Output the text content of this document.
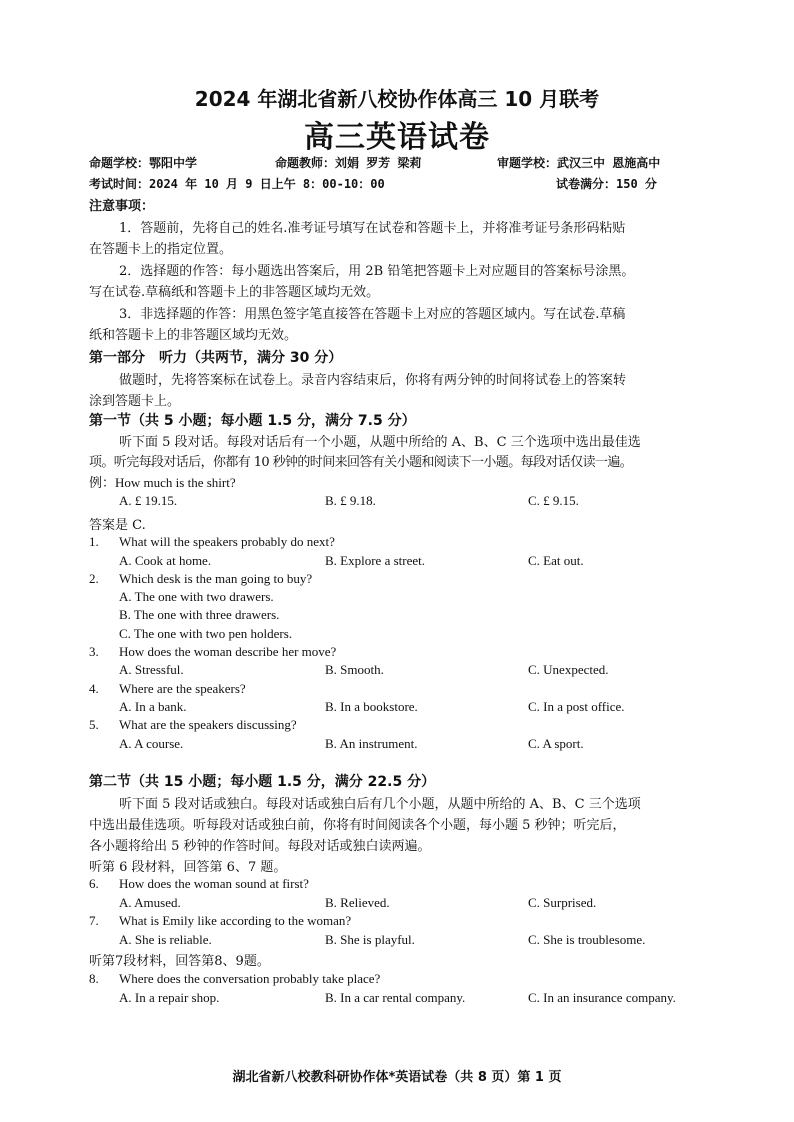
2024 年湖北省新八校协作体高三 10 月联考
高三英语试卷
命题学校：鄂阳中学	命题教师：刘娟 罗芳 梁莉	审题学校：武汉三中 恩施高中
考试时间：2024 年 10 月 9 日上午 8：00-10：00	试卷满分：150 分
注意事项：
1．答题前，先将自己的姓名.准考证号填写在试卷和答题卡上，并将准考证号条形码粘贴
在答题卡上的指定位置。
2．选择题的作答：每小题选出答案后，用 2B 铅笔把答题卡上对应题目的答案标号涂黑。
写在试卷.草稿纸和答题卡上的非答题区域均无效。
3．非选择题的作答：用黑色签字笔直接答在答题卡上对应的答题区域内。写在试卷.草稿
纸和答题卡上的非答题区域均无效。
第一部分　听力（共两节，满分 30 分）
做题时，先将答案标在试卷上。录音内容结束后，你将有两分钟的时间将试卷上的答案转
涂到答题卡上。
第一节（共 5 小题；每小题 1.5 分，满分 7.5 分）
听下面 5 段对话。每段对话后有一个小题，从题中所给的 A、B、C 三个选项中选出最佳选
项。听完每段对话后，你都有 10 秒钟的时间来回答有关小题和阅读下一小题。每段对话仅读一遍。
例：How much is the shirt?
A. £ 19.15.	B. £ 9.18.	C. £ 9.15.
答案是 C.
1. What will the speakers probably do next?
A. Cook at home.	B. Explore a street.	C. Eat out.
2. Which desk is the man going to buy?
A. The one with two drawers.
B. The one with three drawers.
C. The one with two pen holders.
3. How does the woman describe her move?
A. Stressful.	B. Smooth.	C. Unexpected.
4. Where are the speakers?
A. In a bank.	B. In a bookstore.	C. In a post office.
5. What are the speakers discussing?
A. A course.	B. An instrument.	C. A sport.
第二节（共 15 小题；每小题 1.5 分，满分 22.5 分）
听下面 5 段对话或独白。每段对话或独白后有几个小题，从题中所给的 A、B、C 三个选项
中选出最佳选项。听每段对话或独白前，你将有时间阅读各个小题，每小题 5 秒钟；听完后，
各小题将给出 5 秒钟的作答时间。每段对话或独白读两遍。
听第 6 段材料，回答第 6、7 题。
6. How does the woman sound at first?
A. Amused.	B. Relieved.	C. Surprised.
7. What is Emily like according to the woman?
A. She is reliable.	B. She is playful.	C. She is troublesome.
听第7段材料，回答第8、9题。
8. Where does the conversation probably take place?
A. In a repair shop.	B. In a car rental company.	C. In an insurance company.
湖北省新八校教科研协作体*英语试卷（共 8 页）第 1 页
